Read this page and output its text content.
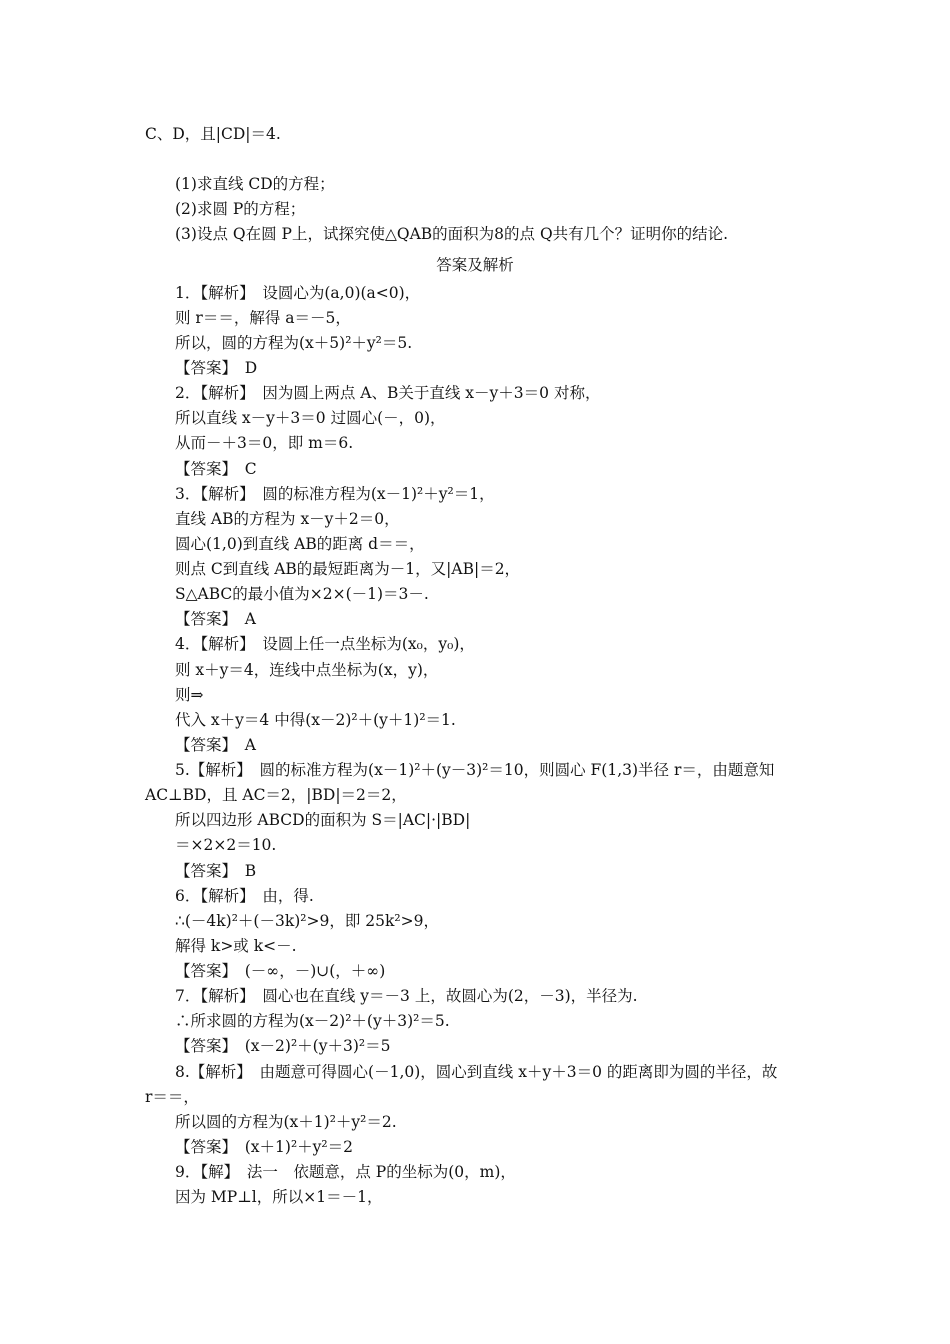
C、D，且|CD|＝4.
(1)求直线 CD的方程；
(2)求圆 P的方程；
(3)设点 Q在圆 P上，试探究使△QAB的面积为8的点 Q共有几个？证明你的结论.
答案及解析
1．【解析】　设圆心为(a,0)(a<0)，
则 r＝＝，解得 a＝－5，
所以，圆的方程为(x＋5)²＋y²＝5.
【答案】　D
2．【解析】　因为圆上两点 A、B关于直线 x－y＋3＝0 对称，
所以直线 x－y＋3＝0 过圆心(－，0)，
从而－＋3＝0，即 m＝6.
【答案】　C
3．【解析】　圆的标准方程为(x－1)²＋y²＝1，
直线 AB的方程为 x－y＋2＝0，
圆心(1,0)到直线 AB的距离 d＝＝，
则点 C到直线 AB的最短距离为－1，又|AB|＝2，
S△ABC的最小值为×2×(－1)＝3－.
【答案】　A
4．【解析】　设圆上任一点坐标为(x₀，y₀)，
则 x＋y＝4，连线中点坐标为(x，y)，
则⇒
代入 x＋y＝4 中得(x－2)²＋(y＋1)²＝1.
【答案】　A
5.【解析】　圆的标准方程为(x－1)²＋(y－3)²＝10，则圆心 F(1,3)半径 r＝，由题意知
AC⊥BD，且 AC＝2，|BD|＝2＝2，
所以四边形 ABCD的面积为 S＝|AC|·|BD|
＝×2×2＝10.
【答案】　B
6．【解析】　由，得.
∴(－4k)²＋(－3k)²>9，即 25k²>9，
解得 k>或 k<－.
【答案】　(－∞，－)∪(，＋∞)
7．【解析】　圆心也在直线 y＝－3 上，故圆心为(2，－3)，半径为.
∴所求圆的方程为(x－2)²＋(y＋3)²＝5.
【答案】　(x－2)²＋(y＋3)²＝5
8.【解析】　由题意可得圆心(－1,0)，圆心到直线 x＋y＋3＝0 的距离即为圆的半径，故
r＝＝，
所以圆的方程为(x＋1)²＋y²＝2.
【答案】　(x＋1)²＋y²＝2
9．【解】　法一　依题意，点 P的坐标为(0，m)，
因为 MP⊥l，所以×1＝－1，
